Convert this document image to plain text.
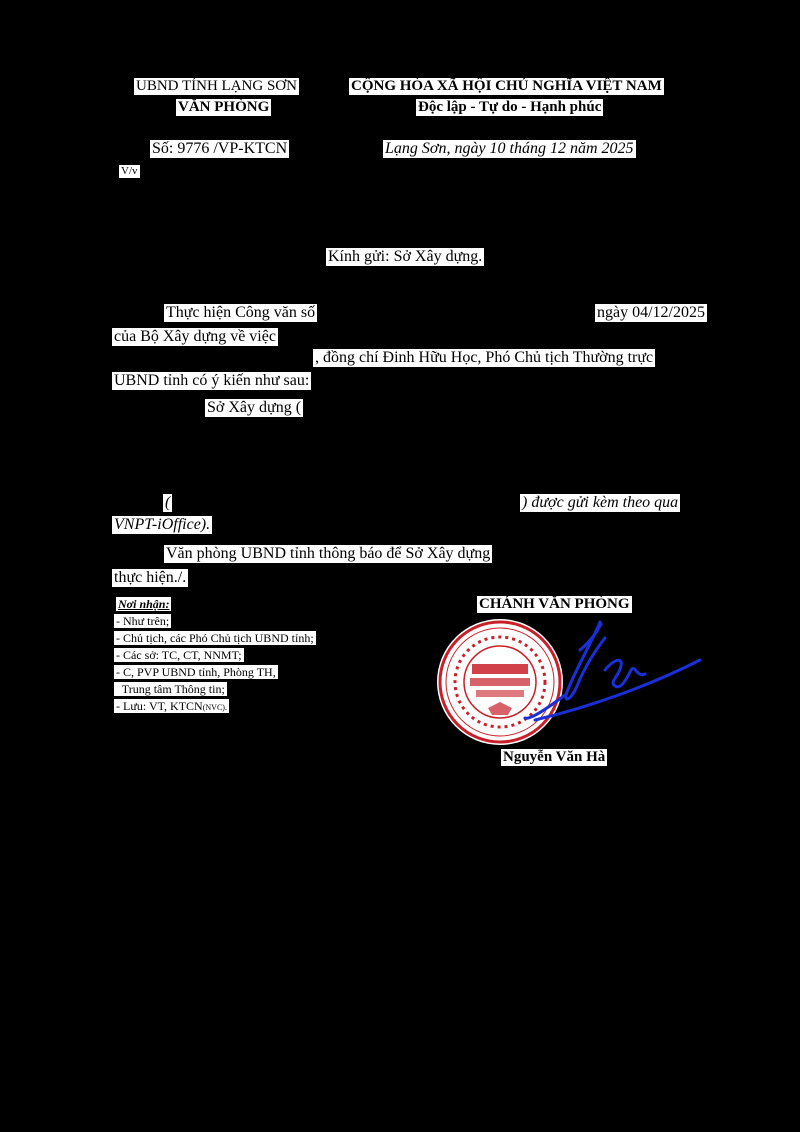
UBND TỈNH LẠNG SƠN
VĂN PHÒNG
CỘNG HÒA XÃ HỘI CHỦ NGHĨA VIỆT NAM
Độc lập - Tự do - Hạnh phúc
Số: 9776 /VP-KTCN	Lạng Sơn, ngày 10 tháng 12 năm 2025
V/v
Kính gửi: Sở Xây dựng.
Thực hiện Công văn số	ngày 04/12/2025
của Bộ Xây dựng về việc
, đồng chí Đinh Hữu Học, Phó Chủ tịch Thường trực
UBND tỉnh có ý kiến như sau:
Sở Xây dựng (
(	) được gửi kèm theo qua
VNPT-iOffice).
Văn phòng UBND tỉnh thông báo để Sở Xây dựng
thực hiện./.
Nơi nhận:
- Như trên;
- Chủ tịch, các Phó Chủ tịch UBND tỉnh;
- Các sở: TC, CT, NNMT;
- C, PVP UBND tỉnh, Phòng TH,
Trung tâm Thông tin;
- Lưu: VT, KTCN(NVC).
CHÁNH VĂN PHÒNG
Nguyễn Văn Hà
